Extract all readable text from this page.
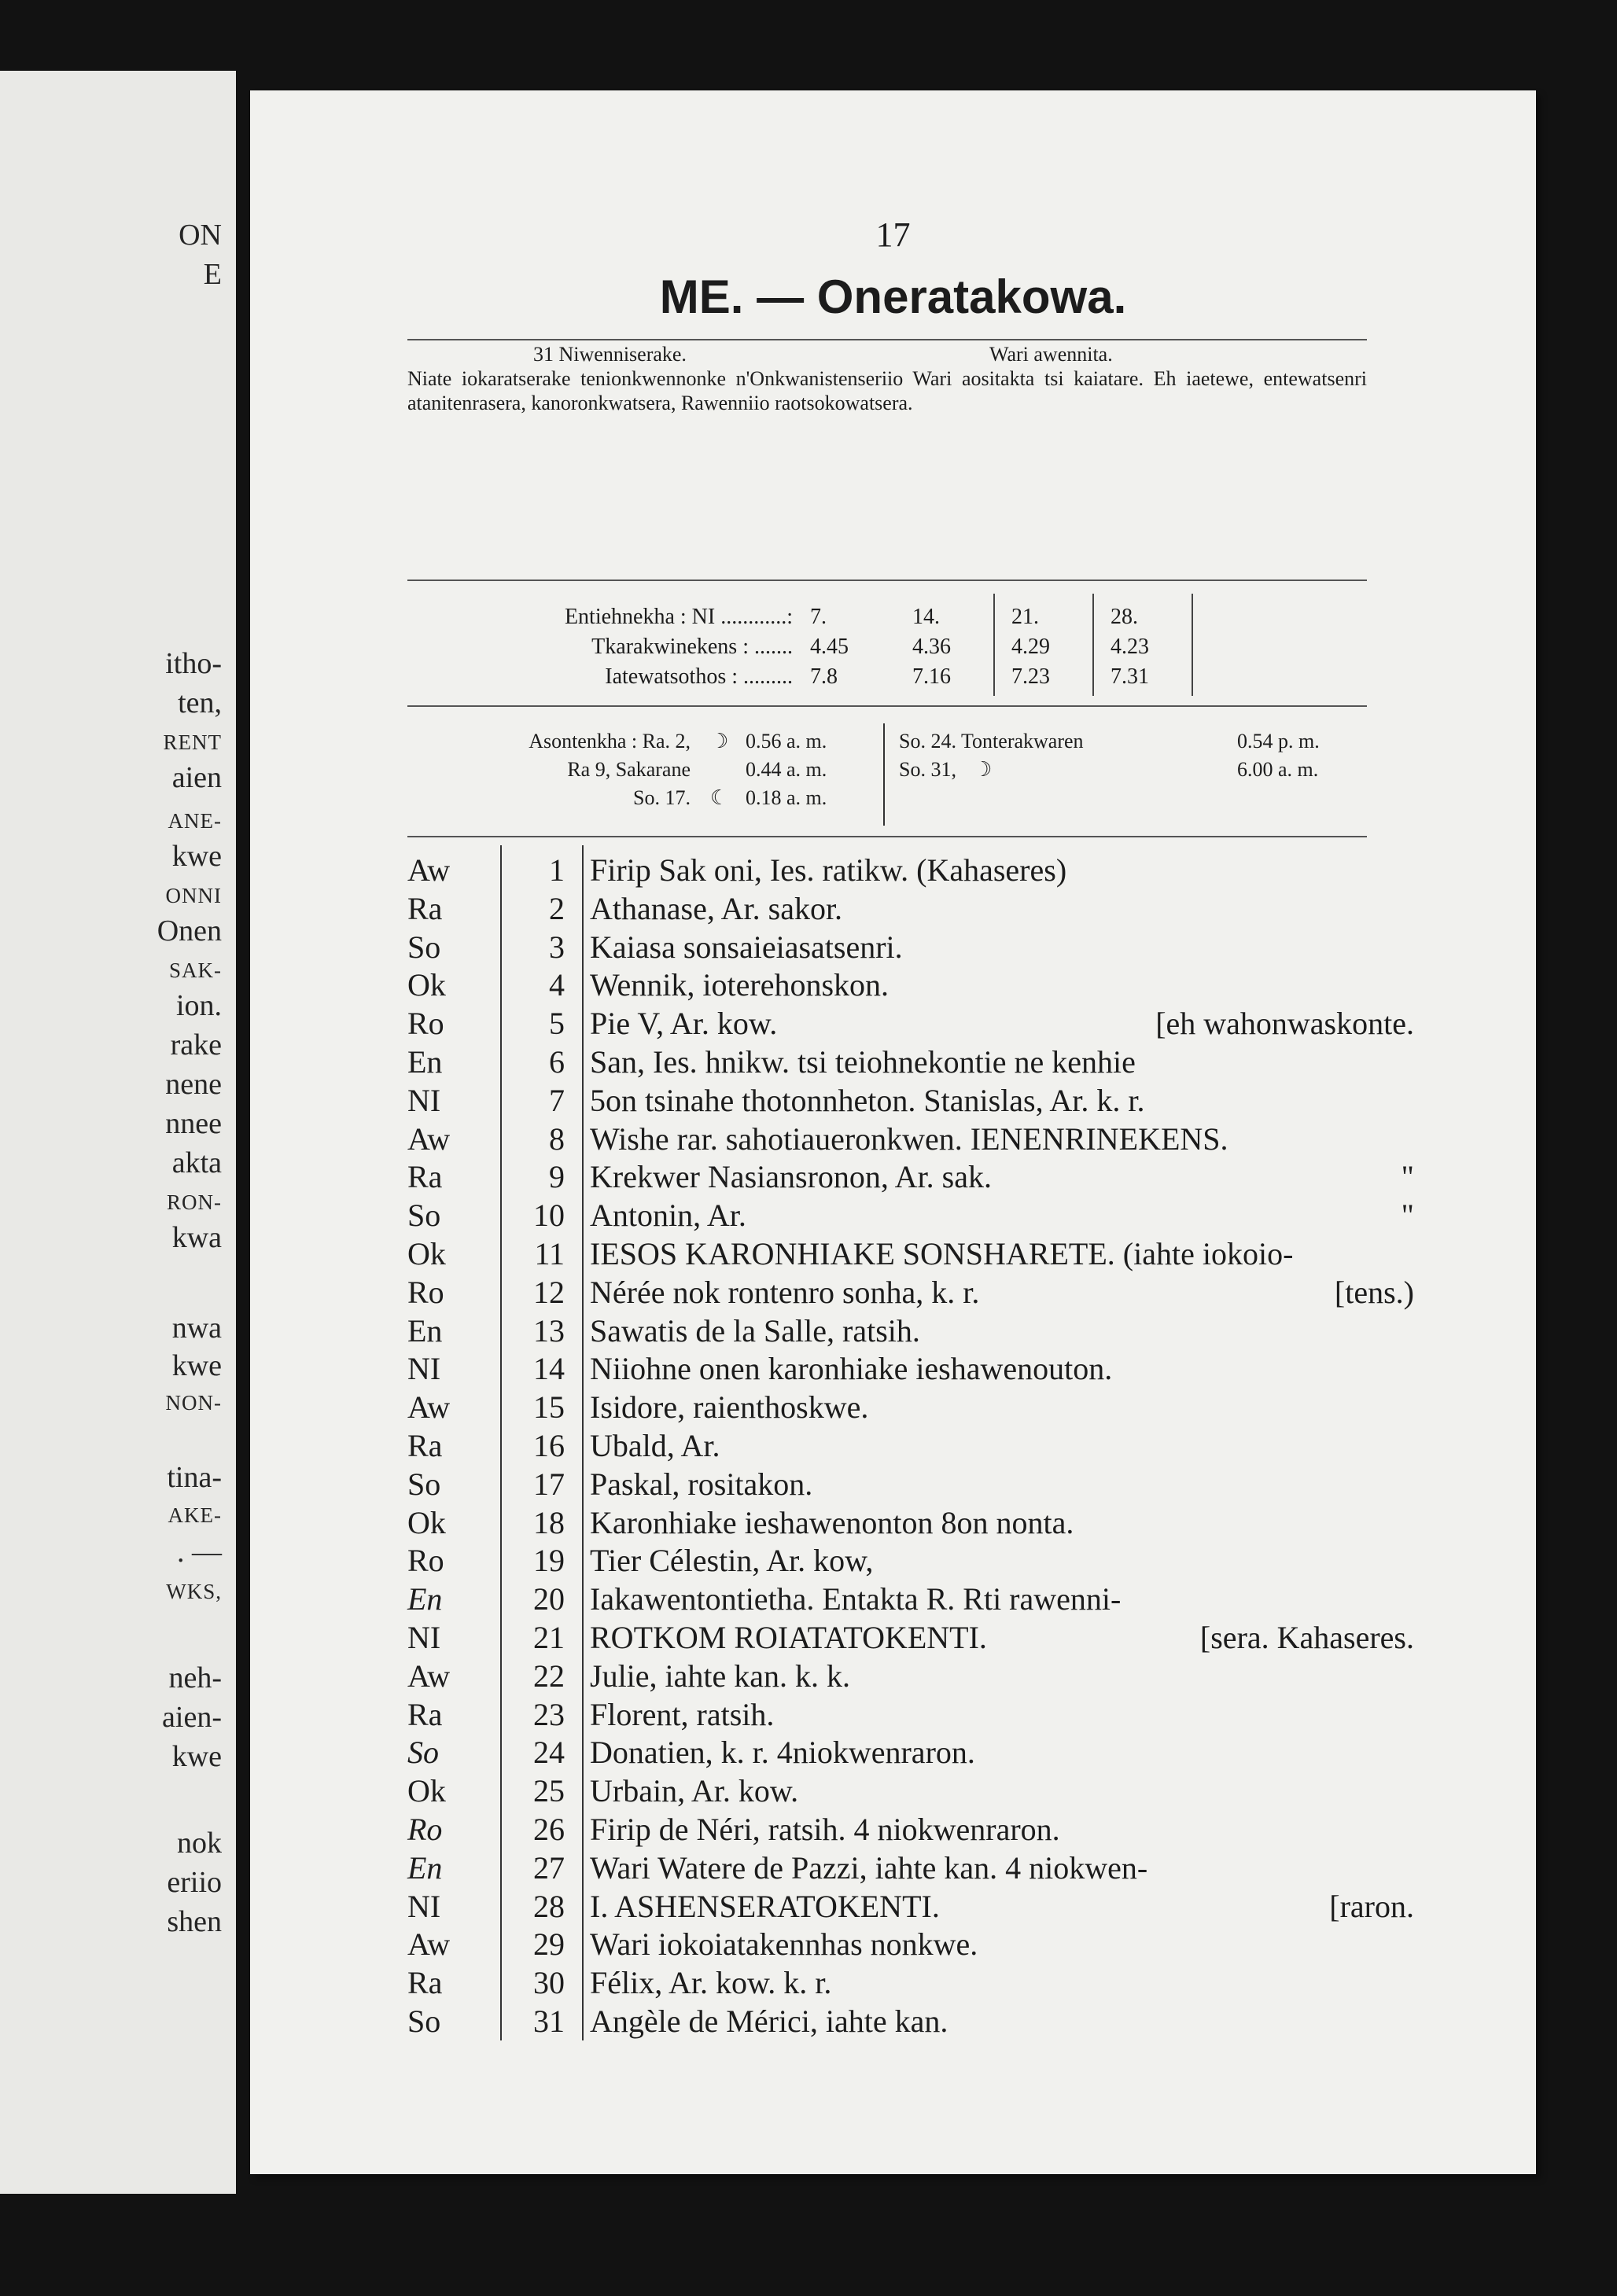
ON
E
itho-
ten,
RENT
aien
ANE-
kwe
ONNI
Onen
SAK-
ion.
rake
nene
nnee
akta
RON-
kwa
nwa
kwe
NON-
tina-
AKE-
. —
WKS,
neh-
aien-
kwe
nok
eriio
shen
17
ME. — Oneratakowa.
31 Niwenniserake.	Wari awennita.

Niate iokaratserake tenionkwennonke n'Onkwanistenseriio Wari aositakta tsi kaiatare. Eh iaetewe, entewatsenri atanitenrasera, kanoronkwatsera, Rawenniio raotsokowatsera.

Entiehnekha : NI ............: 7.	14.	21.	28.
Tkarakwinekens : ....... 4.45	4.36	4.29	4.23
Iatewatsothos : ......... 7.8	7.16	7.23	7.31
Asontenkha : Ra. 2, ☽ 0.56 a. m.
Ra 9, Sakarane	0.44 a. m.
So. 17. ☾ 0.18 a. m.
So. 24. Tonterakwaren	0.54 p. m.
So. 31, ☽	6.00 a. m.
Aw	1 Firip Sak oni, Ies. ratikw. (Kahaseres)
Ra	2 Athanase, Ar. sakor.
So	3 Kaiasa sonsaieiasatsenri.
Ok	4 Wennik, ioterehonskon.
Ro	5 Pie V, Ar. kow.	[eh wahonwaskonte.
En	6 San, Ies. hnikw. tsi teiohnekontie ne kenhie
NI	7 5on tsinahe thotonnheton. Stanislas, Ar. k. r.
Aw	8 Wishe rar. sahotiaueronkwen. IENENRINEKENS.
Ra	9 Krekwer Nasiansronon, Ar. sak.	"
So	10 Antonin, Ar.	"
Ok	11 IESOS KARONHIAKE SONSHARETE. (iahte iokoio-
Ro	12 Nérée nok rontenro sonha, k. r.	[tens.)
En	13 Sawatis de la Salle, ratsih.
NI	14 Niiohne onen karonhiake ieshawenouton.
Aw	15 Isidore, raienthoskwe.
Ra	16 Ubald, Ar.
So	17 Paskal, rositakon.
Ok	18 Karonhiake ieshawenonton 8on nonta.
Ro	19 Tier Célestin, Ar. kow,
En	20 Iakawentontiethа. Entakta R. Rti rawenni-
NI	21 ROTKOM ROIATATOKENTI.	[sera. Kahaseres.
Aw	22 Julie, iahte kan. k. k.
Ra	23 Florent, ratsih.
So	24 Donatien, k. r. 4niokwenraron.
Ok	25 Urbain, Ar. kow.
Ro	26 Firip de Néri, ratsih. 4 niokwenraron.
En	27 Wari Watere de Pazzi, iahte kan. 4 niokwen-
NI	28 I. ASHENSERATOKENTI.	[raron.
Aw	29 Wari iokoiatakennhas nonkwe.
Ra	30 Félix, Ar. kow. k. r.
So	31 Angèle de Mérici, iahte kan.
